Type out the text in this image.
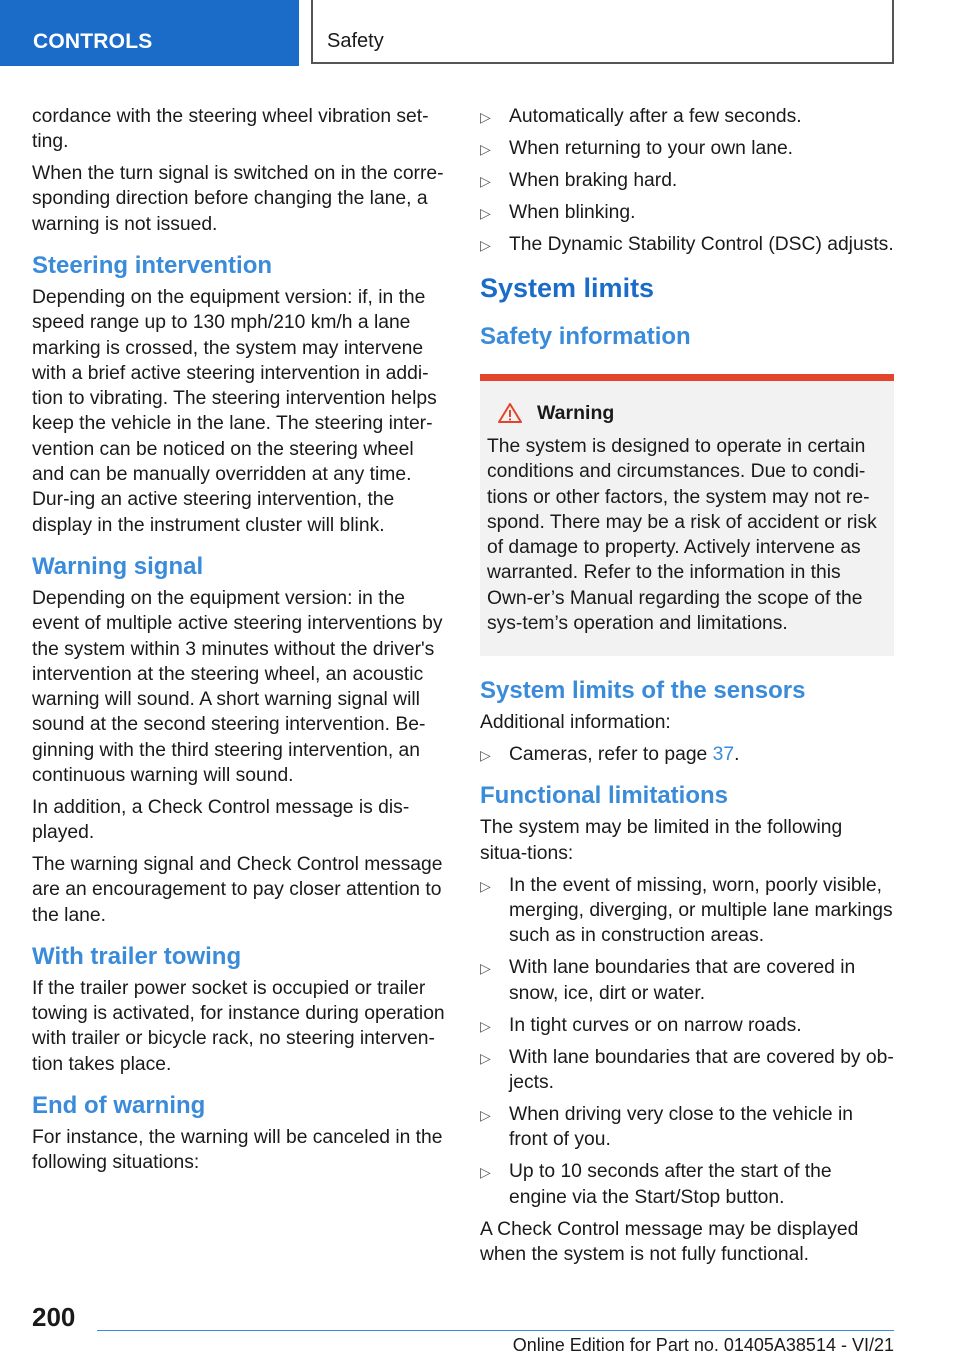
CONTROLS	Safety

cordance with the steering wheel vibration set-ting.

When the turn signal is switched on in the corre-sponding direction before changing the lane, a warning is not issued.

Steering intervention

Depending on the equipment version: if, in the speed range up to 130 mph/210 km/h a lane marking is crossed, the system may intervene with a brief active steering intervention in addi-tion to vibrating. The steering intervention helps keep the vehicle in the lane. The steering inter-vention can be noticed on the steering wheel and can be manually overridden at any time. Dur-ing an active steering intervention, the display in the instrument cluster will blink.

Warning signal

Depending on the equipment version: in the event of multiple active steering interventions by the system within 3 minutes without the driver's intervention at the steering wheel, an acoustic warning will sound. A short warning signal will sound at the second steering intervention. Be-ginning with the third steering intervention, an continuous warning will sound.

In addition, a Check Control message is dis-played.

The warning signal and Check Control message are an encouragement to pay closer attention to the lane.

With trailer towing

If the trailer power socket is occupied or trailer towing is activated, for instance during operation with trailer or bicycle rack, no steering interven-tion takes place.

End of warning

For instance, the warning will be canceled in the following situations:

▷ Automatically after a few seconds.
▷ When returning to your own lane.
▷ When braking hard.
▷ When blinking.
▷ The Dynamic Stability Control (DSC) adjusts.
System limits
Safety information
Warning
The system is designed to operate in certain conditions and circumstances. Due to condi-tions or other factors, the system may not re-spond. There may be a risk of accident or risk of damage to property. Actively intervene as warranted. Refer to the information in this Own-er’s Manual regarding the scope of the sys-tem’s operation and limitations.
System limits of the sensors

Additional information:

▷ Cameras, refer to page 37.
Functional limitations

The system may be limited in the following situa-tions:

▷ In the event of missing, worn, poorly visible, merging, diverging, or multiple lane markings such as in construction areas.
▷ With lane boundaries that are covered in snow, ice, dirt or water.
▷ In tight curves or on narrow roads.
▷ With lane boundaries that are covered by ob-jects.
▷ When driving very close to the vehicle in front of you.
▷ Up to 10 seconds after the start of the engine via the Start/Stop button.

A Check Control message may be displayed when the system is not fully functional.

200
Online Edition for Part no. 01405A38514 - VI/21
